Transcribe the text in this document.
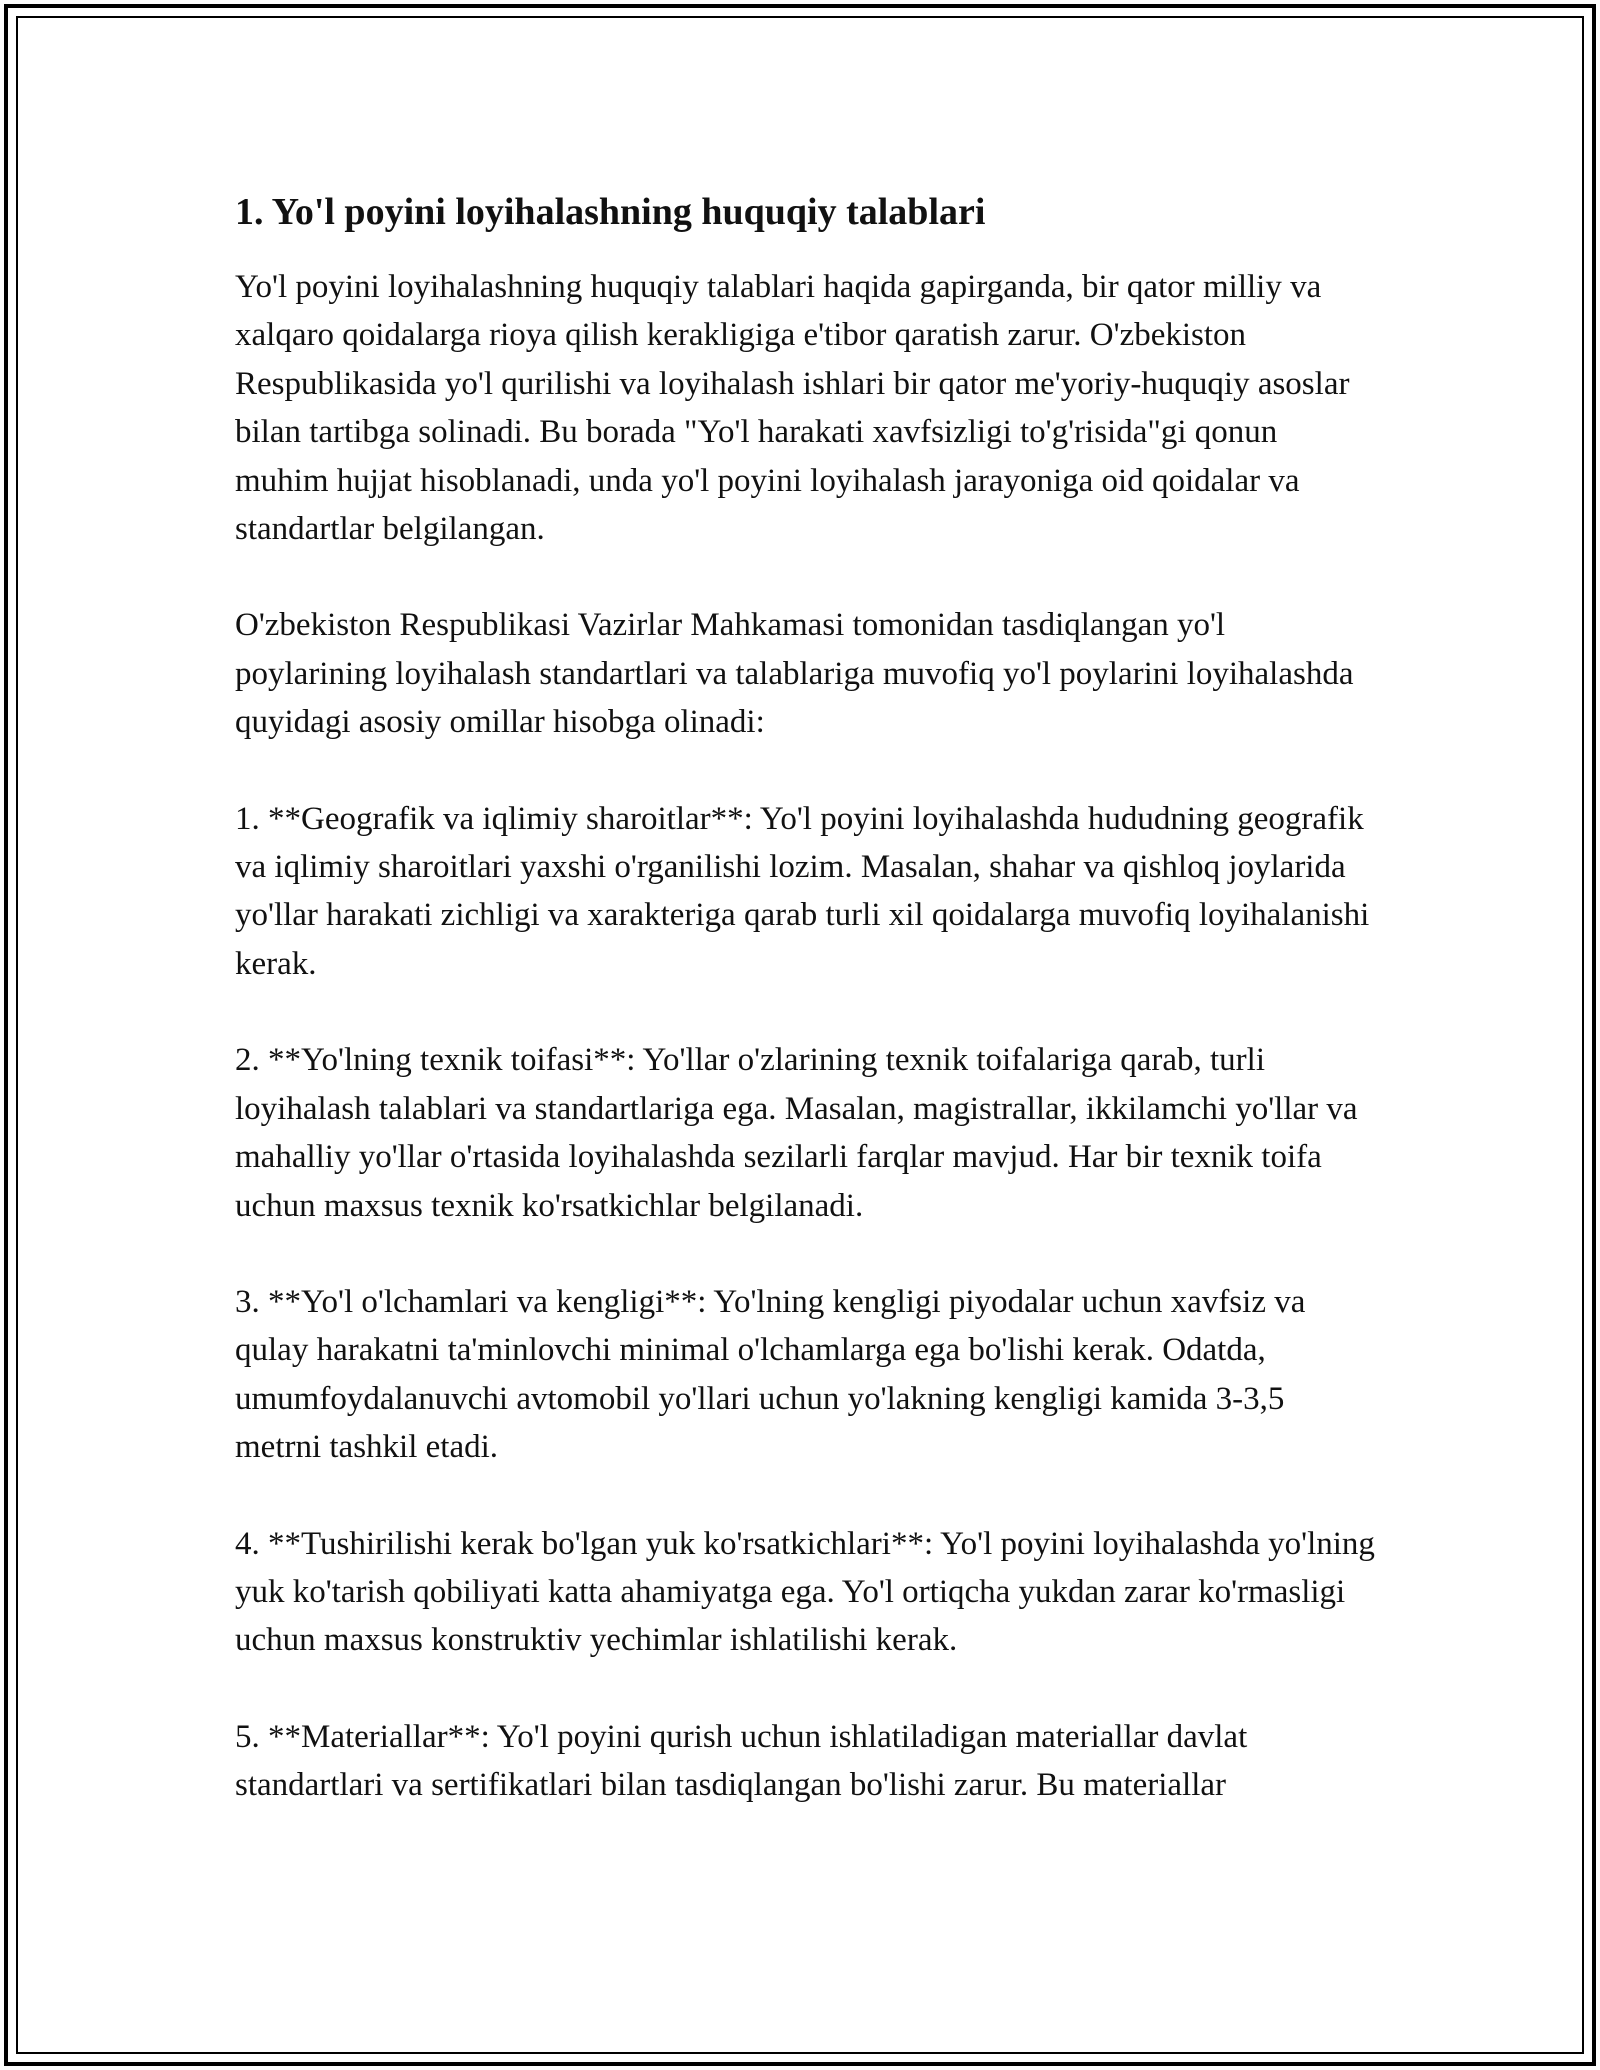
1. Yo'l poyini loyihalashning huquqiy talablari

Yo'l poyini loyihalashning huquqiy talablari haqida gapirganda, bir qator milliy va xalqaro qoidalarga rioya qilish kerakligiga e'tibor qaratish zarur. O'zbekiston Respublikasida yo'l qurilishi va loyihalash ishlari bir qator me'yoriy-huquqiy asoslar bilan tartibga solinadi. Bu borada "Yo'l harakati xavfsizligi to'g'risida"gi qonun muhim hujjat hisoblanadi, unda yo'l poyini loyihalash jarayoniga oid qoidalar va standartlar belgilangan.

O'zbekiston Respublikasi Vazirlar Mahkamasi tomonidan tasdiqlangan yo'l poylarining loyihalash standartlari va talablariga muvofiq yo'l poylarini loyihalashda quyidagi asosiy omillar hisobga olinadi:

1. **Geografik va iqlimiy sharoitlar**: Yo'l poyini loyihalashda hududning geografik va iqlimiy sharoitlari yaxshi o'rganilishi lozim. Masalan, shahar va qishloq joylarida yo'llar harakati zichligi va xarakteriga qarab turli xil qoidalarga muvofiq loyihalanishi kerak.

2. **Yo'lning texnik toifasi**: Yo'llar o'zlarining texnik toifalariga qarab, turli loyihalash talablari va standartlariga ega. Masalan, magistrallar, ikkilamchi yo'llar va mahalliy yo'llar o'rtasida loyihalashda sezilarli farqlar mavjud. Har bir texnik toifa uchun maxsus texnik ko'rsatkichlar belgilanadi.

3. **Yo'l o'lchamlari va kengligi**: Yo'lning kengligi piyodalar uchun xavfsiz va qulay harakatni ta'minlovchi minimal o'lchamlarga ega bo'lishi kerak. Odatda, umumfoydalanuvchi avtomobil yo'llari uchun yo'lakning kengligi kamida 3-3,5 metrni tashkil etadi.

4. **Tushirilishi kerak bo'lgan yuk ko'rsatkichlari**: Yo'l poyini loyihalashda yo'lning yuk ko'tarish qobiliyati katta ahamiyatga ega. Yo'l ortiqcha yukdan zarar ko'rmasligi uchun maxsus konstruktiv yechimlar ishlatilishi kerak.

5. **Materiallar**: Yo'l poyini qurish uchun ishlatiladigan materiallar davlat standartlari va sertifikatlari bilan tasdiqlangan bo'lishi zarur. Bu materiallar
